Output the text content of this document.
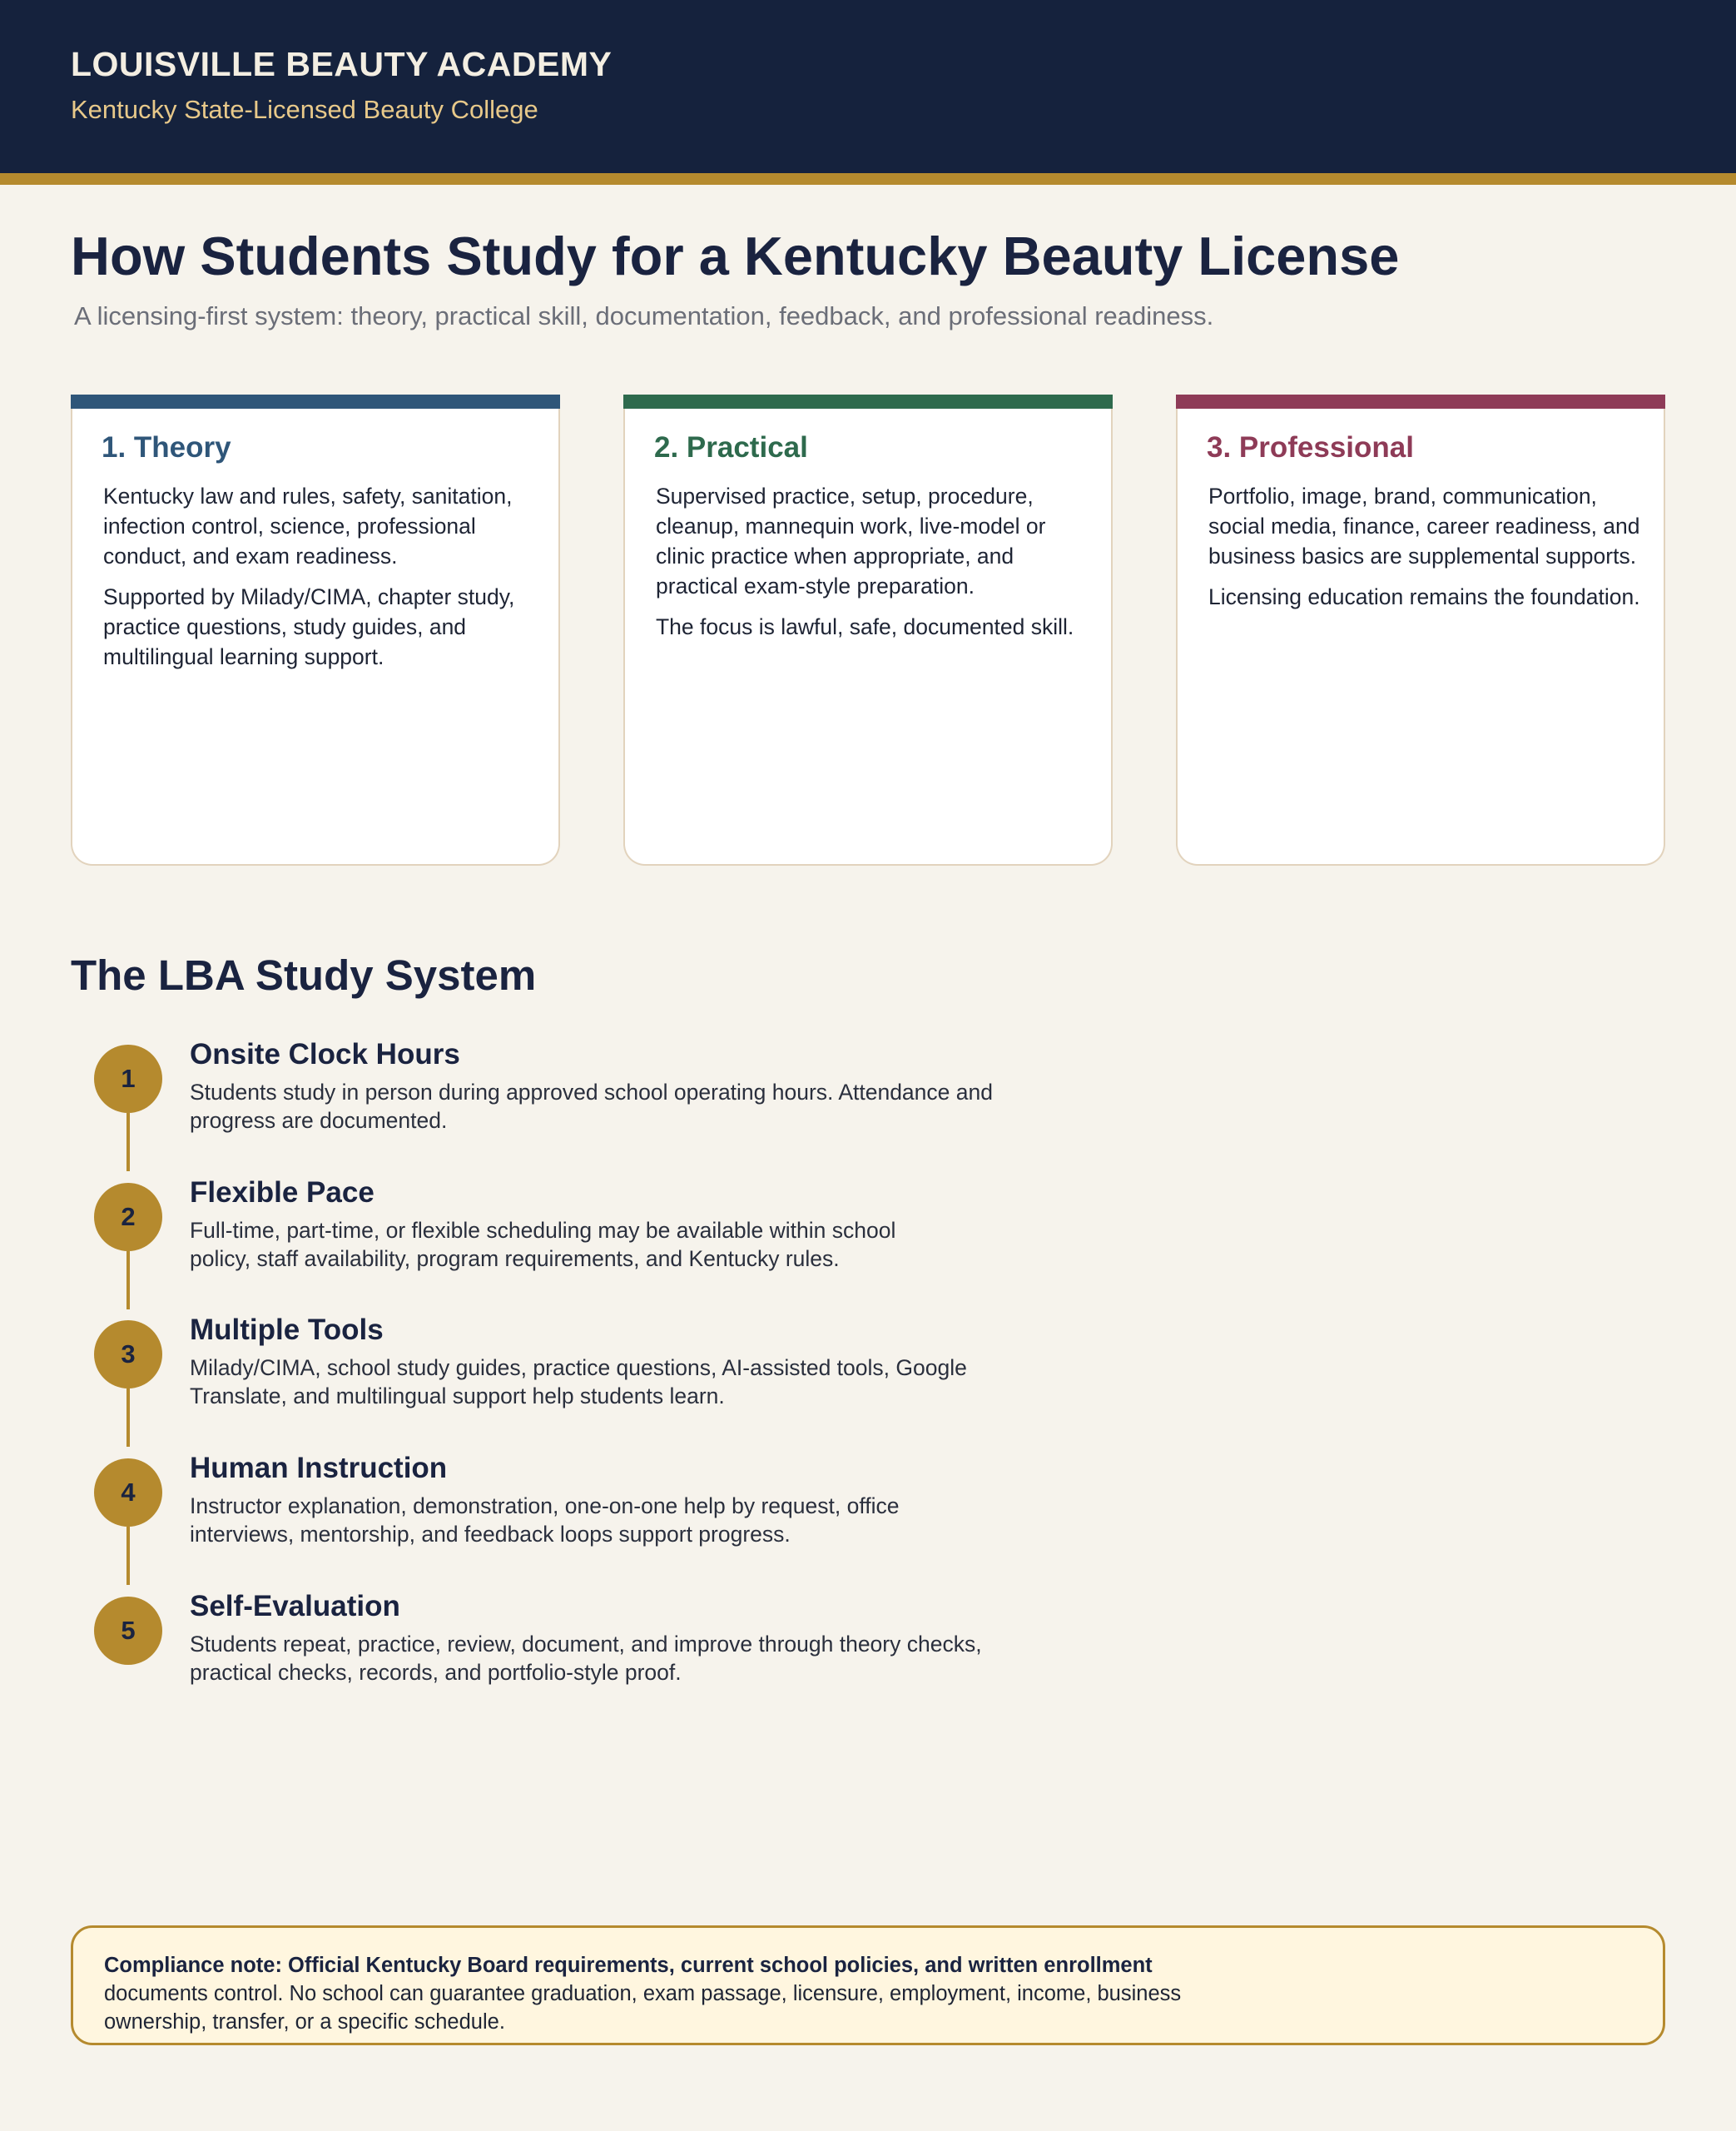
LOUISVILLE BEAUTY ACADEMY
Kentucky State-Licensed Beauty College
How Students Study for a Kentucky Beauty License
A licensing-first system: theory, practical skill, documentation, feedback, and professional readiness.
1. Theory

Kentucky law and rules, safety, sanitation, infection control, science, professional conduct, and exam readiness.

Supported by Milady/CIMA, chapter study, practice questions, study guides, and multilingual learning support.

2. Practical

Supervised practice, setup, procedure, cleanup, mannequin work, live-model or clinic practice when appropriate, and practical exam-style preparation.

The focus is lawful, safe, documented skill.

3. Professional

Portfolio, image, brand, communication, social media, finance, career readiness, and business basics are supplemental supports.

Licensing education remains the foundation.

The LBA Study System
1
Onsite Clock Hours
Students study in person during approved school operating hours. Attendance and
progress are documented.
2
Flexible Pace
Full-time, part-time, or flexible scheduling may be available within school
policy, staff availability, program requirements, and Kentucky rules.
3
Multiple Tools
Milady/CIMA, school study guides, practice questions, AI-assisted tools, Google
Translate, and multilingual support help students learn.
4
Human Instruction
Instructor explanation, demonstration, one-on-one help by request, office
interviews, mentorship, and feedback loops support progress.
5
Self-Evaluation
Students repeat, practice, review, document, and improve through theory checks,
practical checks, records, and portfolio-style proof.
Compliance note: Official Kentucky Board requirements, current school policies, and written enrollment
documents control. No school can guarantee graduation, exam passage, licensure, employment, income, business
ownership, transfer, or a specific schedule.
